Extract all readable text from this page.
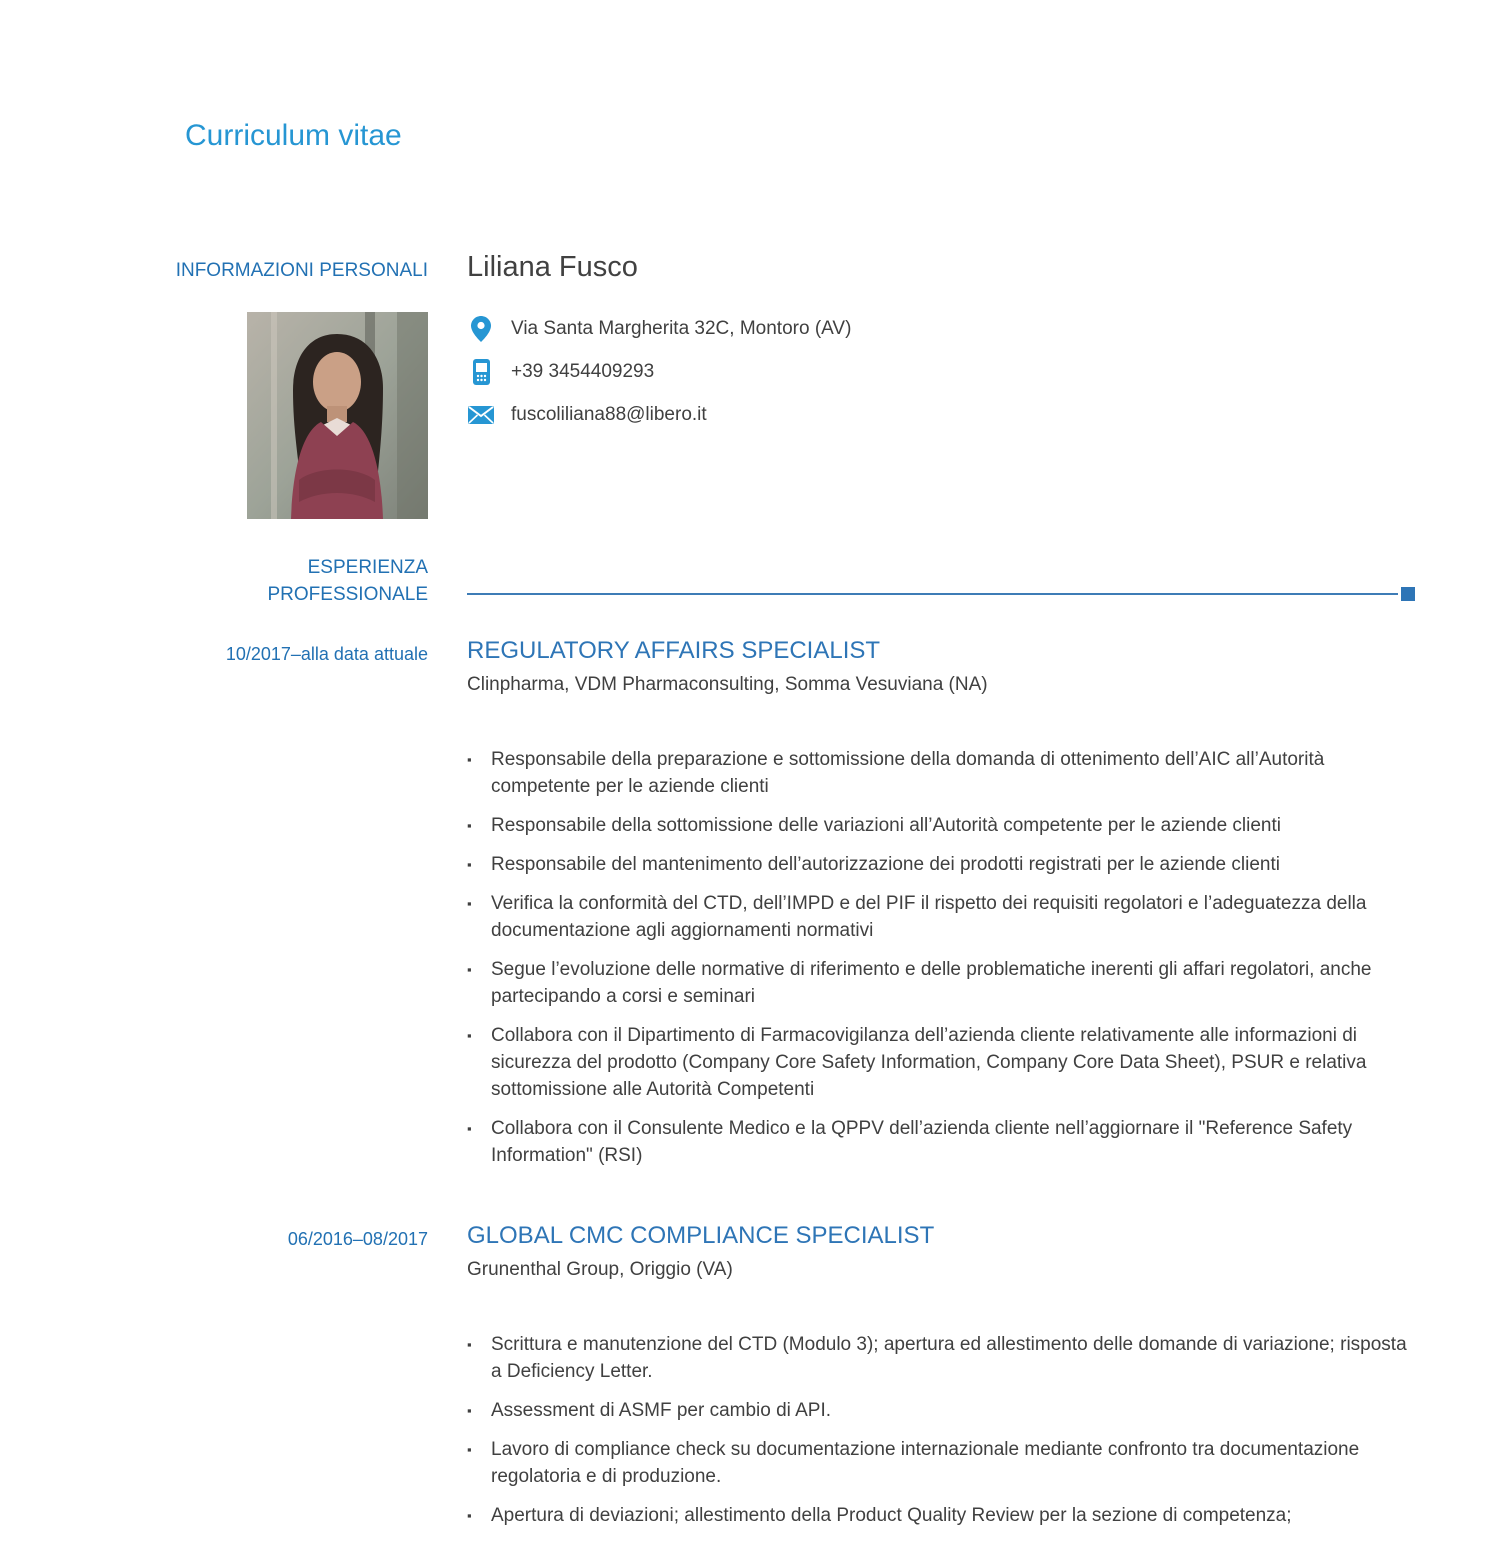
Curriculum vitae
INFORMAZIONI PERSONALI Liliana Fusco
Via Santa Margherita 32C, Montoro (AV)
+39 3454409293
fuscoliliana88@libero.it
ESPERIENZA
PROFESSIONALE
10/2017–alla data attuale REGULATORY AFFAIRS SPECIALIST

Clinpharma, VDM Pharmaconsulting, Somma Vesuviana (NA)

▪	Responsabile della preparazione e sottomissione della domanda di ottenimento dell’AIC all’Autorità competente per le aziende clienti
▪	Responsabile della sottomissione delle variazioni all’Autorità competente per le aziende clienti
▪	Responsabile del mantenimento dell’autorizzazione dei prodotti registrati per le aziende clienti
▪	Verifica la conformità del CTD, dell’IMPD e del PIF il rispetto dei requisiti regolatori e l’adeguatezza della documentazione agli aggiornamenti normativi
▪	Segue l’evoluzione delle normative di riferimento e delle problematiche inerenti gli affari regolatori, anche partecipando a corsi e seminari
▪	Collabora con il Dipartimento di Farmacovigilanza dell’azienda cliente relativamente alle informazioni di sicurezza del prodotto (Company Core Safety Information, Company Core Data Sheet), PSUR e relativa sottomissione alle Autorità Competenti
▪	Collabora con il Consulente Medico e la QPPV dell’azienda cliente nell’aggiornare il "Reference Safety Information" (RSI)
06/2016–08/2017 GLOBAL CMC COMPLIANCE SPECIALIST

Grunenthal Group, Origgio (VA)

▪	Scrittura e manutenzione del CTD (Modulo 3); apertura ed allestimento delle domande di variazione; risposta a Deficiency Letter.
▪	Assessment di ASMF per cambio di API.
▪	Lavoro di compliance check su documentazione internazionale mediante confronto tra documentazione regolatoria e di produzione.
▪	Apertura di deviazioni; allestimento della Product Quality Review per la sezione di competenza;
